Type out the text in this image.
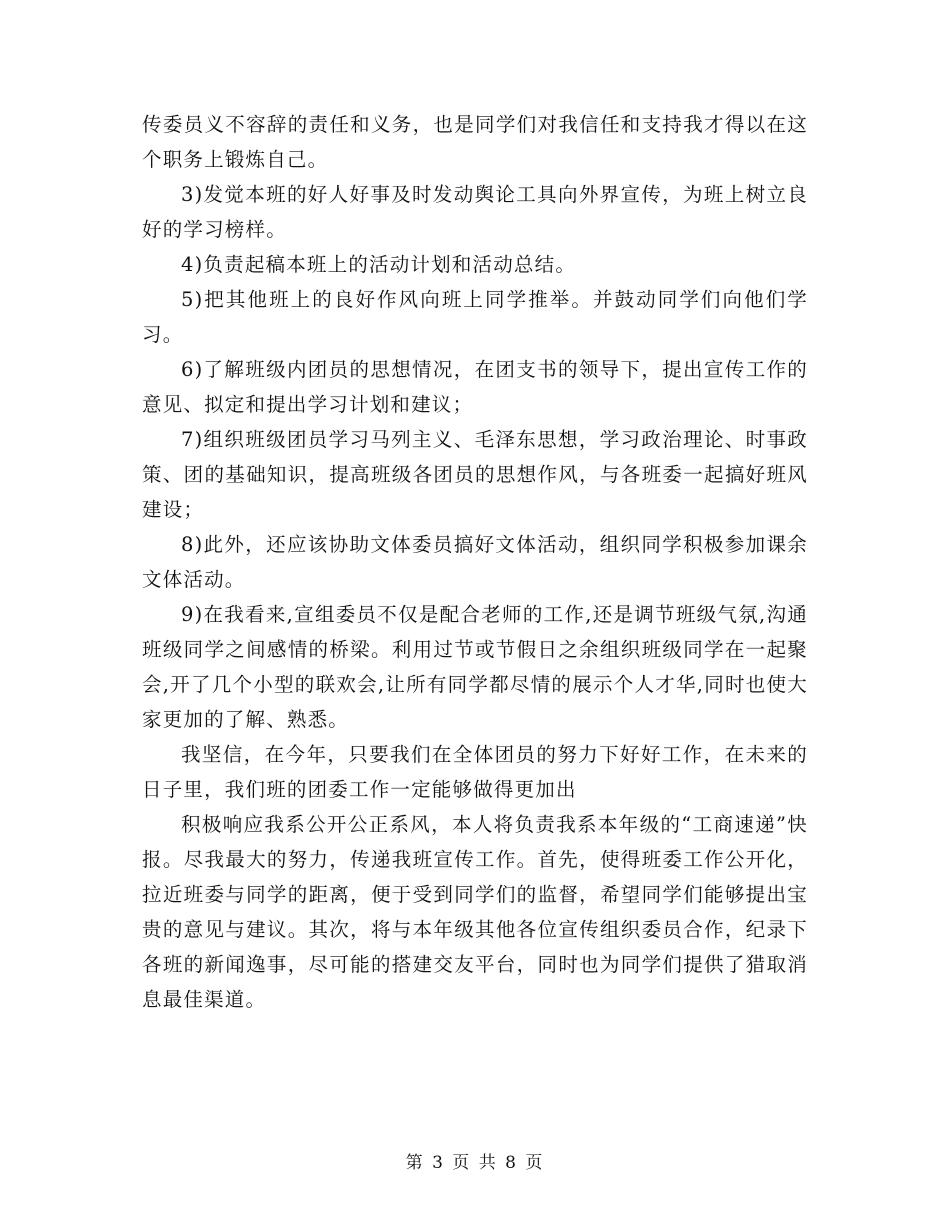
传委员义不容辞的责任和义务，也是同学们对我信任和支持我才得以在这个职务上锻炼自己。

3)发觉本班的好人好事及时发动舆论工具向外界宣传，为班上树立良好的学习榜样。

4)负责起稿本班上的活动计划和活动总结。

5)把其他班上的良好作风向班上同学推举。并鼓动同学们向他们学习。

6)了解班级内团员的思想情况，在团支书的领导下，提出宣传工作的意见、拟定和提出学习计划和建议；

7)组织班级团员学习马列主义、毛泽东思想，学习政治理论、时事政策、团的基础知识，提高班级各团员的思想作风，与各班委一起搞好班风建设；

8)此外，还应该协助文体委员搞好文体活动，组织同学积极参加课余文体活动。

9)在我看来,宣组委员不仅是配合老师的工作,还是调节班级气氛,沟通班级同学之间感情的桥梁。利用过节或节假日之余组织班级同学在一起聚会,开了几个小型的联欢会,让所有同学都尽情的展示个人才华,同时也使大家更加的了解、熟悉。

我坚信，在今年，只要我们在全体团员的努力下好好工作，在未来的日子里，我们班的团委工作一定能够做得更加出

积极响应我系公开公正系风，本人将负责我系本年级的“工商速递”快报。尽我最大的努力，传递我班宣传工作。首先，使得班委工作公开化，拉近班委与同学的距离，便于受到同学们的监督，希望同学们能够提出宝贵的意见与建议。其次，将与本年级其他各位宣传组织委员合作，纪录下各班的新闻逸事，尽可能的搭建交友平台，同时也为同学们提供了猎取消息最佳渠道。

第 3 页 共 8 页
